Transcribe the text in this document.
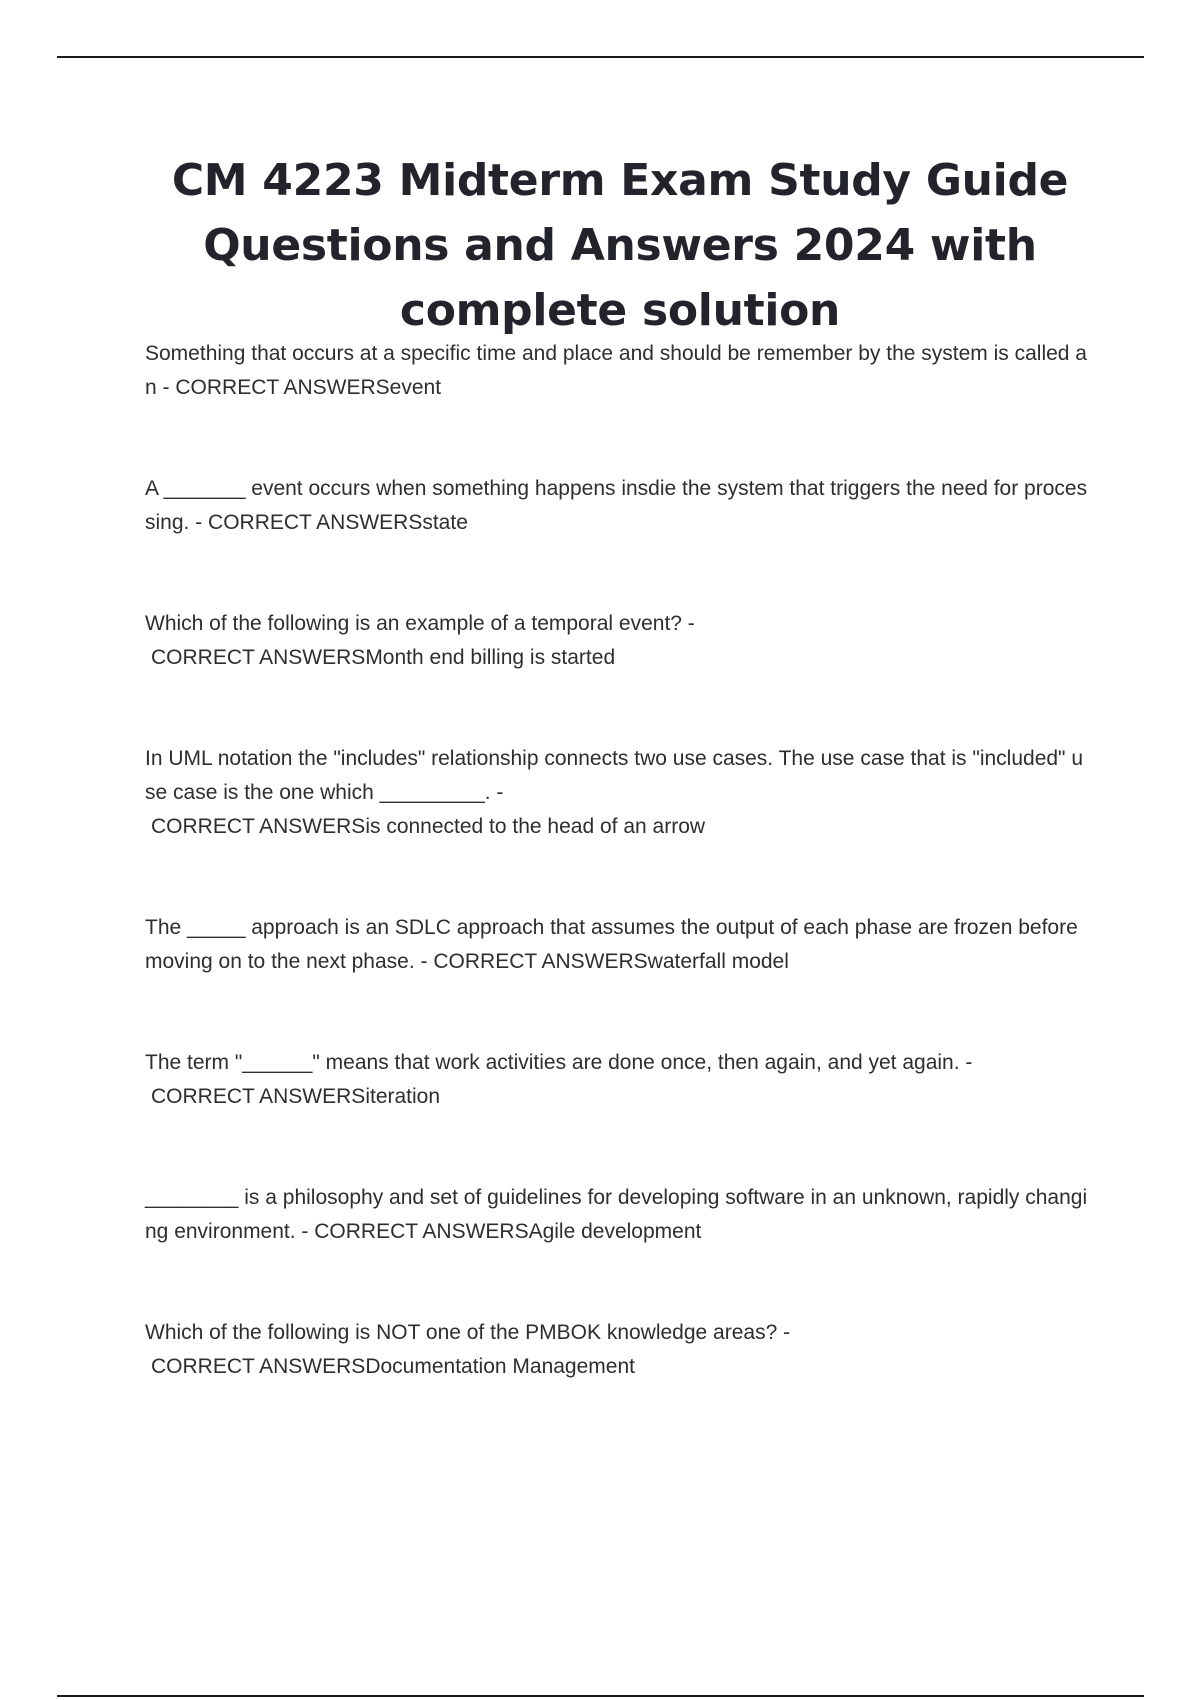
CM 4223 Midterm Exam Study Guide Questions and Answers 2024 with complete solution
Something that occurs at a specific time and place and should be remember by the system is called an - CORRECT ANSWERSevent
A _______ event occurs when something happens insdie the system that triggers the need for processing. - CORRECT ANSWERSstate
Which of the following is an example of a temporal event? -
CORRECT ANSWERSMonth end billing is started
In UML notation the "includes" relationship connects two use cases. The use case that is "included" use case is the one which _________. -
CORRECT ANSWERSis connected to the head of an arrow
The _____ approach is an SDLC approach that assumes the output of each phase are frozen before moving on to the next phase. - CORRECT ANSWERSwaterfall model
The term "______" means that work activities are done once, then again, and yet again. -
CORRECT ANSWERSiteration
________ is a philosophy and set of guidelines for developing software in an unknown, rapidly changing environment. - CORRECT ANSWERSAgile development
Which of the following is NOT one of the PMBOK knowledge areas? -
CORRECT ANSWERSDocumentation Management
